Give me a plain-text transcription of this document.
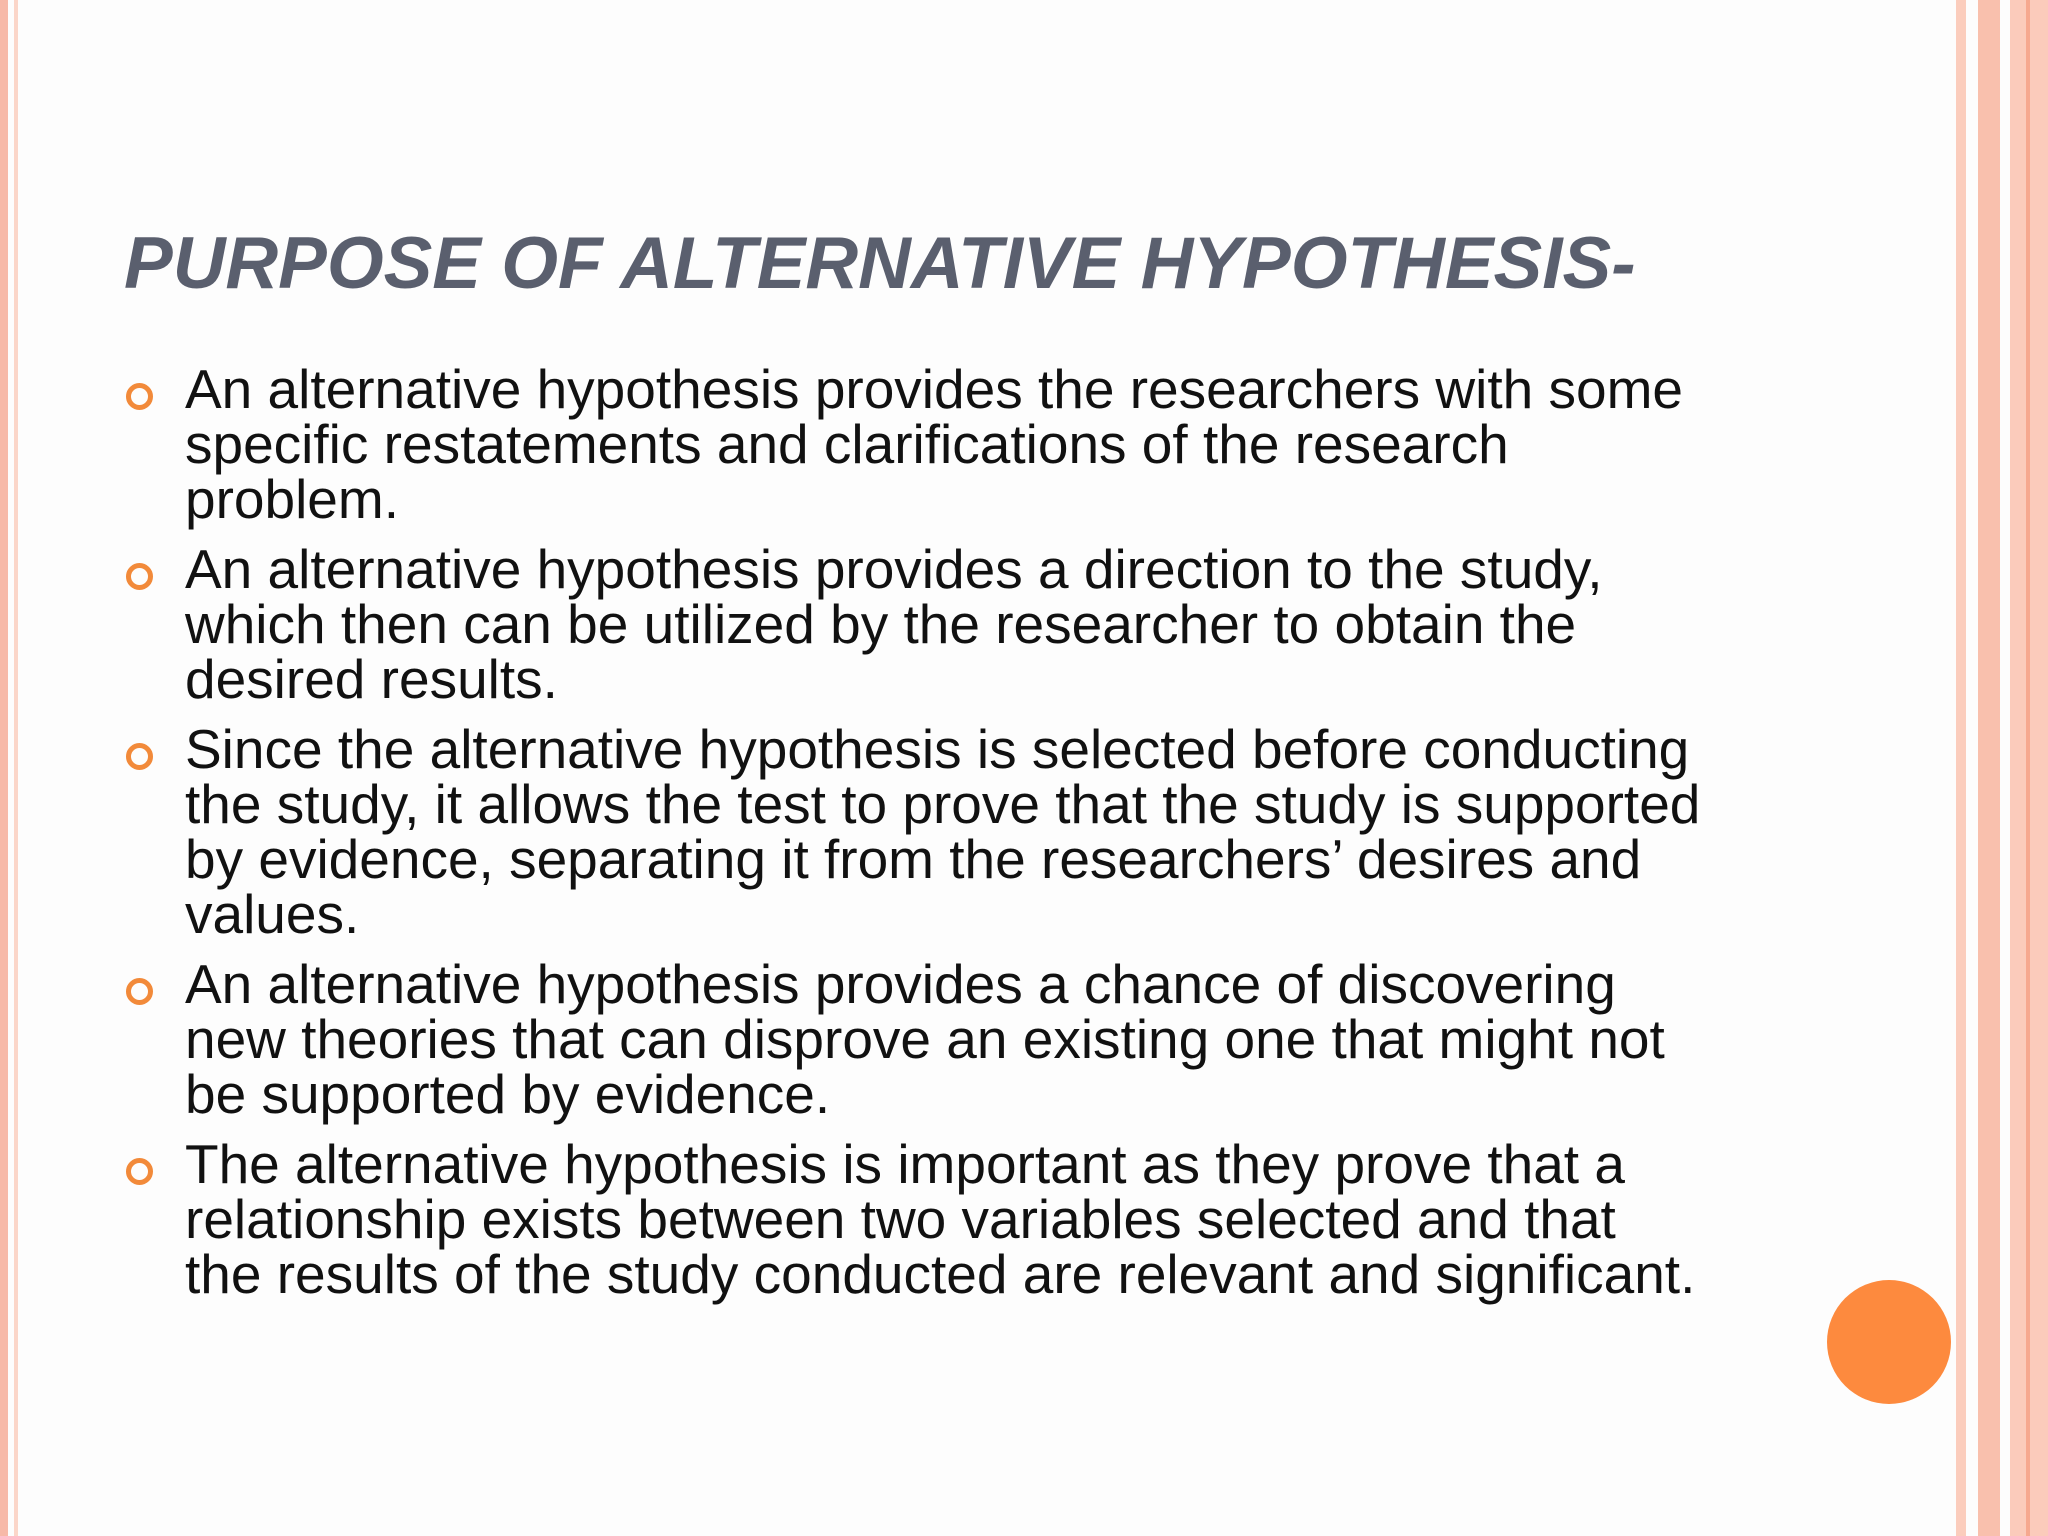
PURPOSE OF ALTERNATIVE HYPOTHESIS-
An alternative hypothesis provides the researchers with some
specific restatements and clarifications of the research
problem.
An alternative hypothesis provides a direction to the study,
which then can be utilized by the researcher to obtain the
desired results.
Since the alternative hypothesis is selected before conducting
the study, it allows the test to prove that the study is supported
by evidence, separating it from the researchers’ desires and
values.
An alternative hypothesis provides a chance of discovering
new theories that can disprove an existing one that might not
be supported by evidence.
The alternative hypothesis is important as they prove that a
relationship exists between two variables selected and that
the results of the study conducted are relevant and significant.
